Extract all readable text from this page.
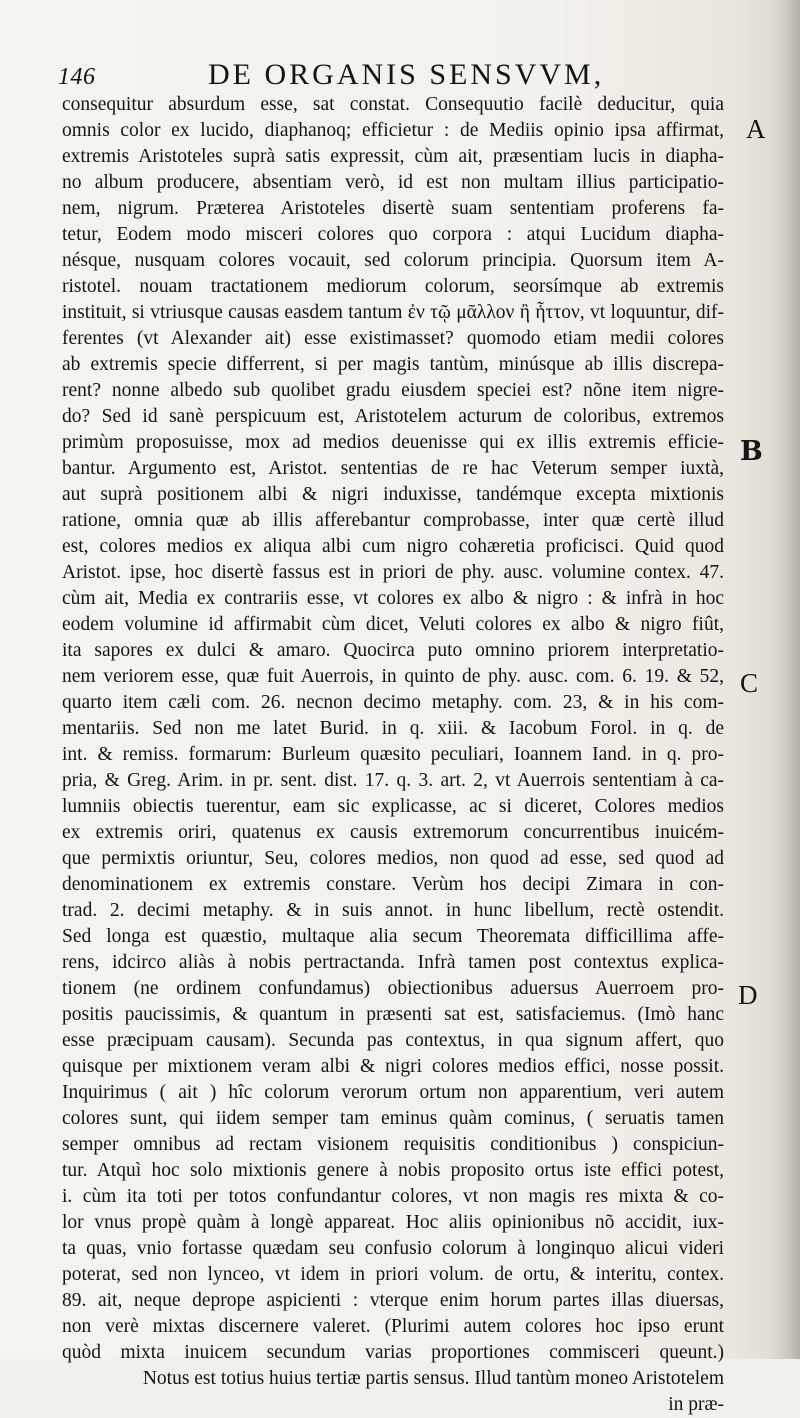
146	DE ORGANIS SENSVVM,
consequitur absurdum esse, sat constat. Consequutio facilè deducitur, quia
omnis color ex lucido, diaphanoq; efficietur : de Mediis opinio ipsa affirmat,
extremis Aristoteles suprà satis expressit, cùm ait, præsentiam lucis in diapha-
no album producere, absentiam verò, id est non multam illius participatio-
nem, nigrum. Præterea Aristoteles disertè suam sententiam proferens fa-
tetur, Eodem modo misceri colores quo corpora : atqui Lucidum diapha-
nésque, nusquam colores vocauit, sed colorum principia. Quorsum item A-
ristotel. nouam tractationem mediorum colorum, seorsímque ab extremis
instituit, si vtriusque causas easdem tantum ἐν τῷ μᾶλλον ἢ ἧττον, vt loquuntur, dif-
ferentes (vt Alexander ait) esse existimasset? quomodo etiam medii colores
ab extremis specie differrent, si per magis tantùm, minúsque ab illis discrepa-
rent? nonne albedo sub quolibet gradu eiusdem speciei est? nõne item nigre-
do? Sed id sanè perspicuum est, Aristotelem acturum de coloribus, extremos
primùm proposuisse, mox ad medios deuenisse qui ex illis extremis efficie-
bantur. Argumento est, Aristot. sententias de re hac Veterum semper iuxtà,
aut suprà positionem albi & nigri induxisse, tandémque excepta mixtionis
ratione, omnia quæ ab illis afferebantur comprobasse, inter quæ certè illud
est, colores medios ex aliqua albi cum nigro cohæretia proficisci. Quid quod
Aristot. ipse, hoc disertè fassus est in priori de phy. ausc. volumine contex. 47.
cùm ait, Media ex contrariis esse, vt colores ex albo & nigro : & infrà in hoc
eodem volumine id affirmabit cùm dicet, Veluti colores ex albo & nigro fiût,
ita sapores ex dulci & amaro. Quocirca puto omnino priorem interpretatio-
nem veriorem esse, quæ fuit Auerrois, in quinto de phy. ausc. com. 6. 19. & 52,
quarto item cæli com. 26. necnon decimo metaphy. com. 23, & in his com-
mentariis. Sed non me latet Burid. in q. xiii. & Iacobum Forol. in q. de
int. & remiss. formarum: Burleum quæsito peculiari, Ioannem Iand. in q. pro-
pria, & Greg. Arim. in pr. sent. dist. 17. q. 3. art. 2, vt Auerrois sententiam à ca-
lumniis obiectis tuerentur, eam sic explicasse, ac si diceret, Colores medios
ex extremis oriri, quatenus ex causis extremorum concurrentibus inuicém-
que permixtis oriuntur, Seu, colores medios, non quod ad esse, sed quod ad
denominationem ex extremis constare. Verùm hos decipi Zimara in con-
trad. 2. decimi metaphy. & in suis annot. in hunc libellum, rectè ostendit.
Sed longa est quæstio, multaque alia secum Theoremata difficillima affe-
rens, idcirco aliàs à nobis pertractanda. Infrà tamen post contextus explica-
tionem (ne ordinem confundamus) obiectionibus aduersus Auerroem pro-
positis paucissimis, & quantum in præsenti sat est, satisfaciemus. (Imò hanc
esse præcipuam causam). Secunda pas contextus, in qua signum affert, quo
quisque per mixtionem veram albi & nigri colores medios effici, nosse possit.
Inquirimus ( ait ) hîc colorum verorum ortum non apparentium, veri autem
colores sunt, qui iidem semper tam eminus quàm cominus, ( seruatis tamen
semper omnibus ad rectam visionem requisitis conditionibus ) conspiciun-
tur. Atquì hoc solo mixtionis genere à nobis proposito ortus iste effici potest,
i. cùm ita toti per totos confundantur colores, vt non magis res mixta & co-
lor vnus propè quàm à longè appareat. Hoc aliis opinionibus nõ accidit, iux-
ta quas, vnio fortasse quædam seu confusio colorum à longinquo alicui videri
poterat, sed non lynceo, vt idem in priori volum. de ortu, & interitu, contex.
89. ait, neque deprope aspicienti : vterque enim horum partes illas diuersas,
non verè mixtas discernere valeret. (Plurimi autem colores hoc ipso erunt
quòd mixta inuicem secundum varias proportiones commisceri queunt.)
Notus est totius huius tertiæ partis sensus. Illud tantùm moneo Aristotelem
in præ-
A
B
C
D
